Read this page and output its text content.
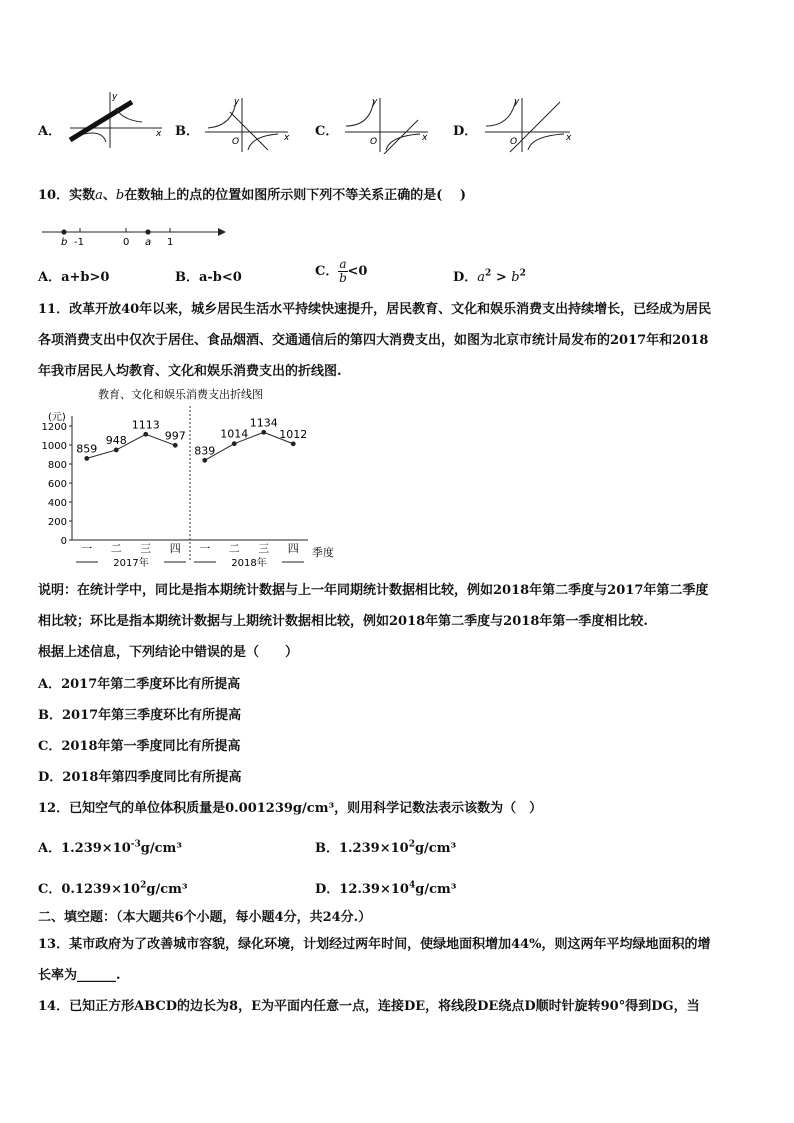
A．
y
x B．
y
x
O
C．
y
x
O
D．
y
x
O
10．实数a、b在数轴上的点的位置如图所示则下列不等关系正确的是(　 )
b -1	0 a 1
A．a+b>0	B．a-b<0	C． $\frac{a}{b} <0$	D．$a^2 > b^2$
11．改革开放40年以来，城乡居民生活水平持续快速提升，居民教育、文化和娱乐消费支出持续增长，已经成为居民
各项消费支出中仅次于居住、食品烟酒、交通通信后的第四大消费支出，如图为北京市统计局发布的2017年和2018
年我市居民人均教育、文化和娱乐消费支出的折线图.
教育、文化和娱乐消费支出折线图
(元)
0
200
400
600
800
1000
1200
一 二 三 四 一 二 三 四
2017年	2018年
859
948
1113
997
839
1014
1134
1012
季度
说明：在统计学中，同比是指本期统计数据与上一年同期统计数据相比较，例如2018年第二季度与2017年第二季度
相比较；环比是指本期统计数据与上期统计数据相比较，例如2018年第二季度与2018年第一季度相比较.
根据上述信息，下列结论中错误的是（　　）
A．2017年第二季度环比有所提高
B．2017年第三季度环比有所提高
C．2018年第一季度同比有所提高
D．2018年第四季度同比有所提高
12．已知空气的单位体积质量是0.001239g/cm³，则用科学记数法表示该数为（　）
A．$1.239\times 10^{-3}g$/cm³	B．$1.239\times 10^2g$/cm³
C．$0.1239\times 10^2g$/cm³	D．$12.39\times 10^4g$/cm³
二、填空题：（本大题共6个小题，每小题4分，共24分.）
13．某市政府为了改善城市容貌，绿化环境，计划经过两年时间，使绿地面积增加44%，则这两年平均绿地面积的增
长率为______.
14．已知正方形ABCD的边长为8，E为平面内任意一点，连接DE，将线段DE绕点D顺时针旋转90°得到DG，当
